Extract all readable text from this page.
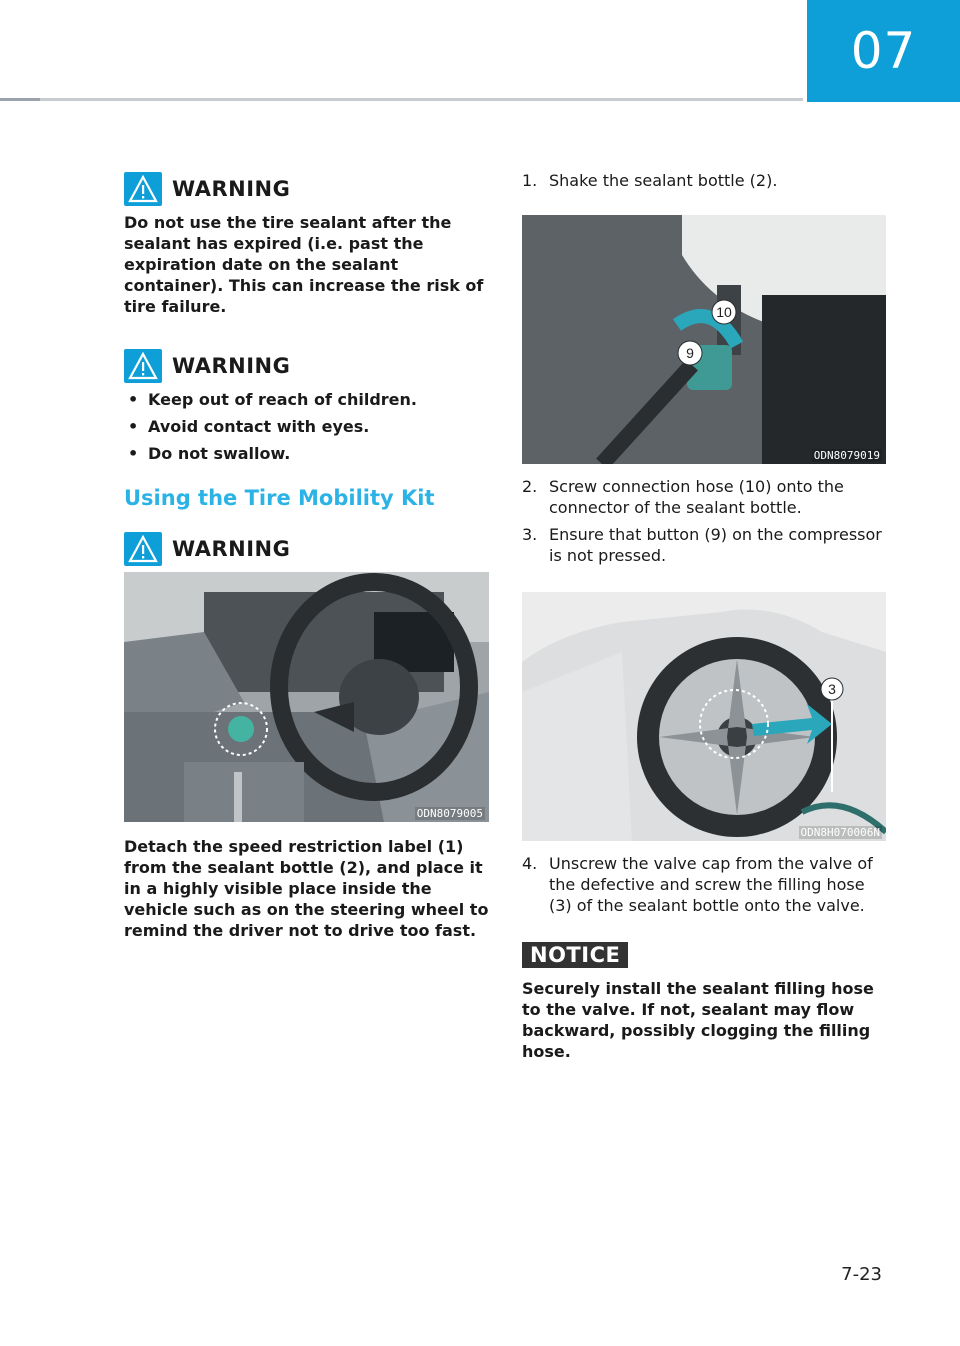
07
WARNING

Do not use the tire sealant after the sealant has expired (i.e. past the expiration date on the sealant container). This can increase the risk of tire failure.

WARNING
• Keep out of reach of children.
• Avoid contact with eyes.
• Do not swallow.
Using the Tire Mobility Kit
WARNING
ODN8079005

Detach the speed restriction label (1) from the sealant bottle (2), and place it in a highly visible place inside the vehicle such as on the steering wheel to remind the driver not to drive too fast.

1. Shake the sealant bottle (2).
10
9
ODN8079019
2. Screw connection hose (10) onto the connector of the sealant bottle.
3. Ensure that button (9) on the compressor is not pressed.
3
ODN8H070006N
4. Unscrew the valve cap from the valve of the defective and screw the filling hose (3) of the sealant bottle onto the valve.
NOTICE

Securely install the sealant filling hose to the valve. If not, sealant may flow backward, possibly clogging the filling hose.

7-23
